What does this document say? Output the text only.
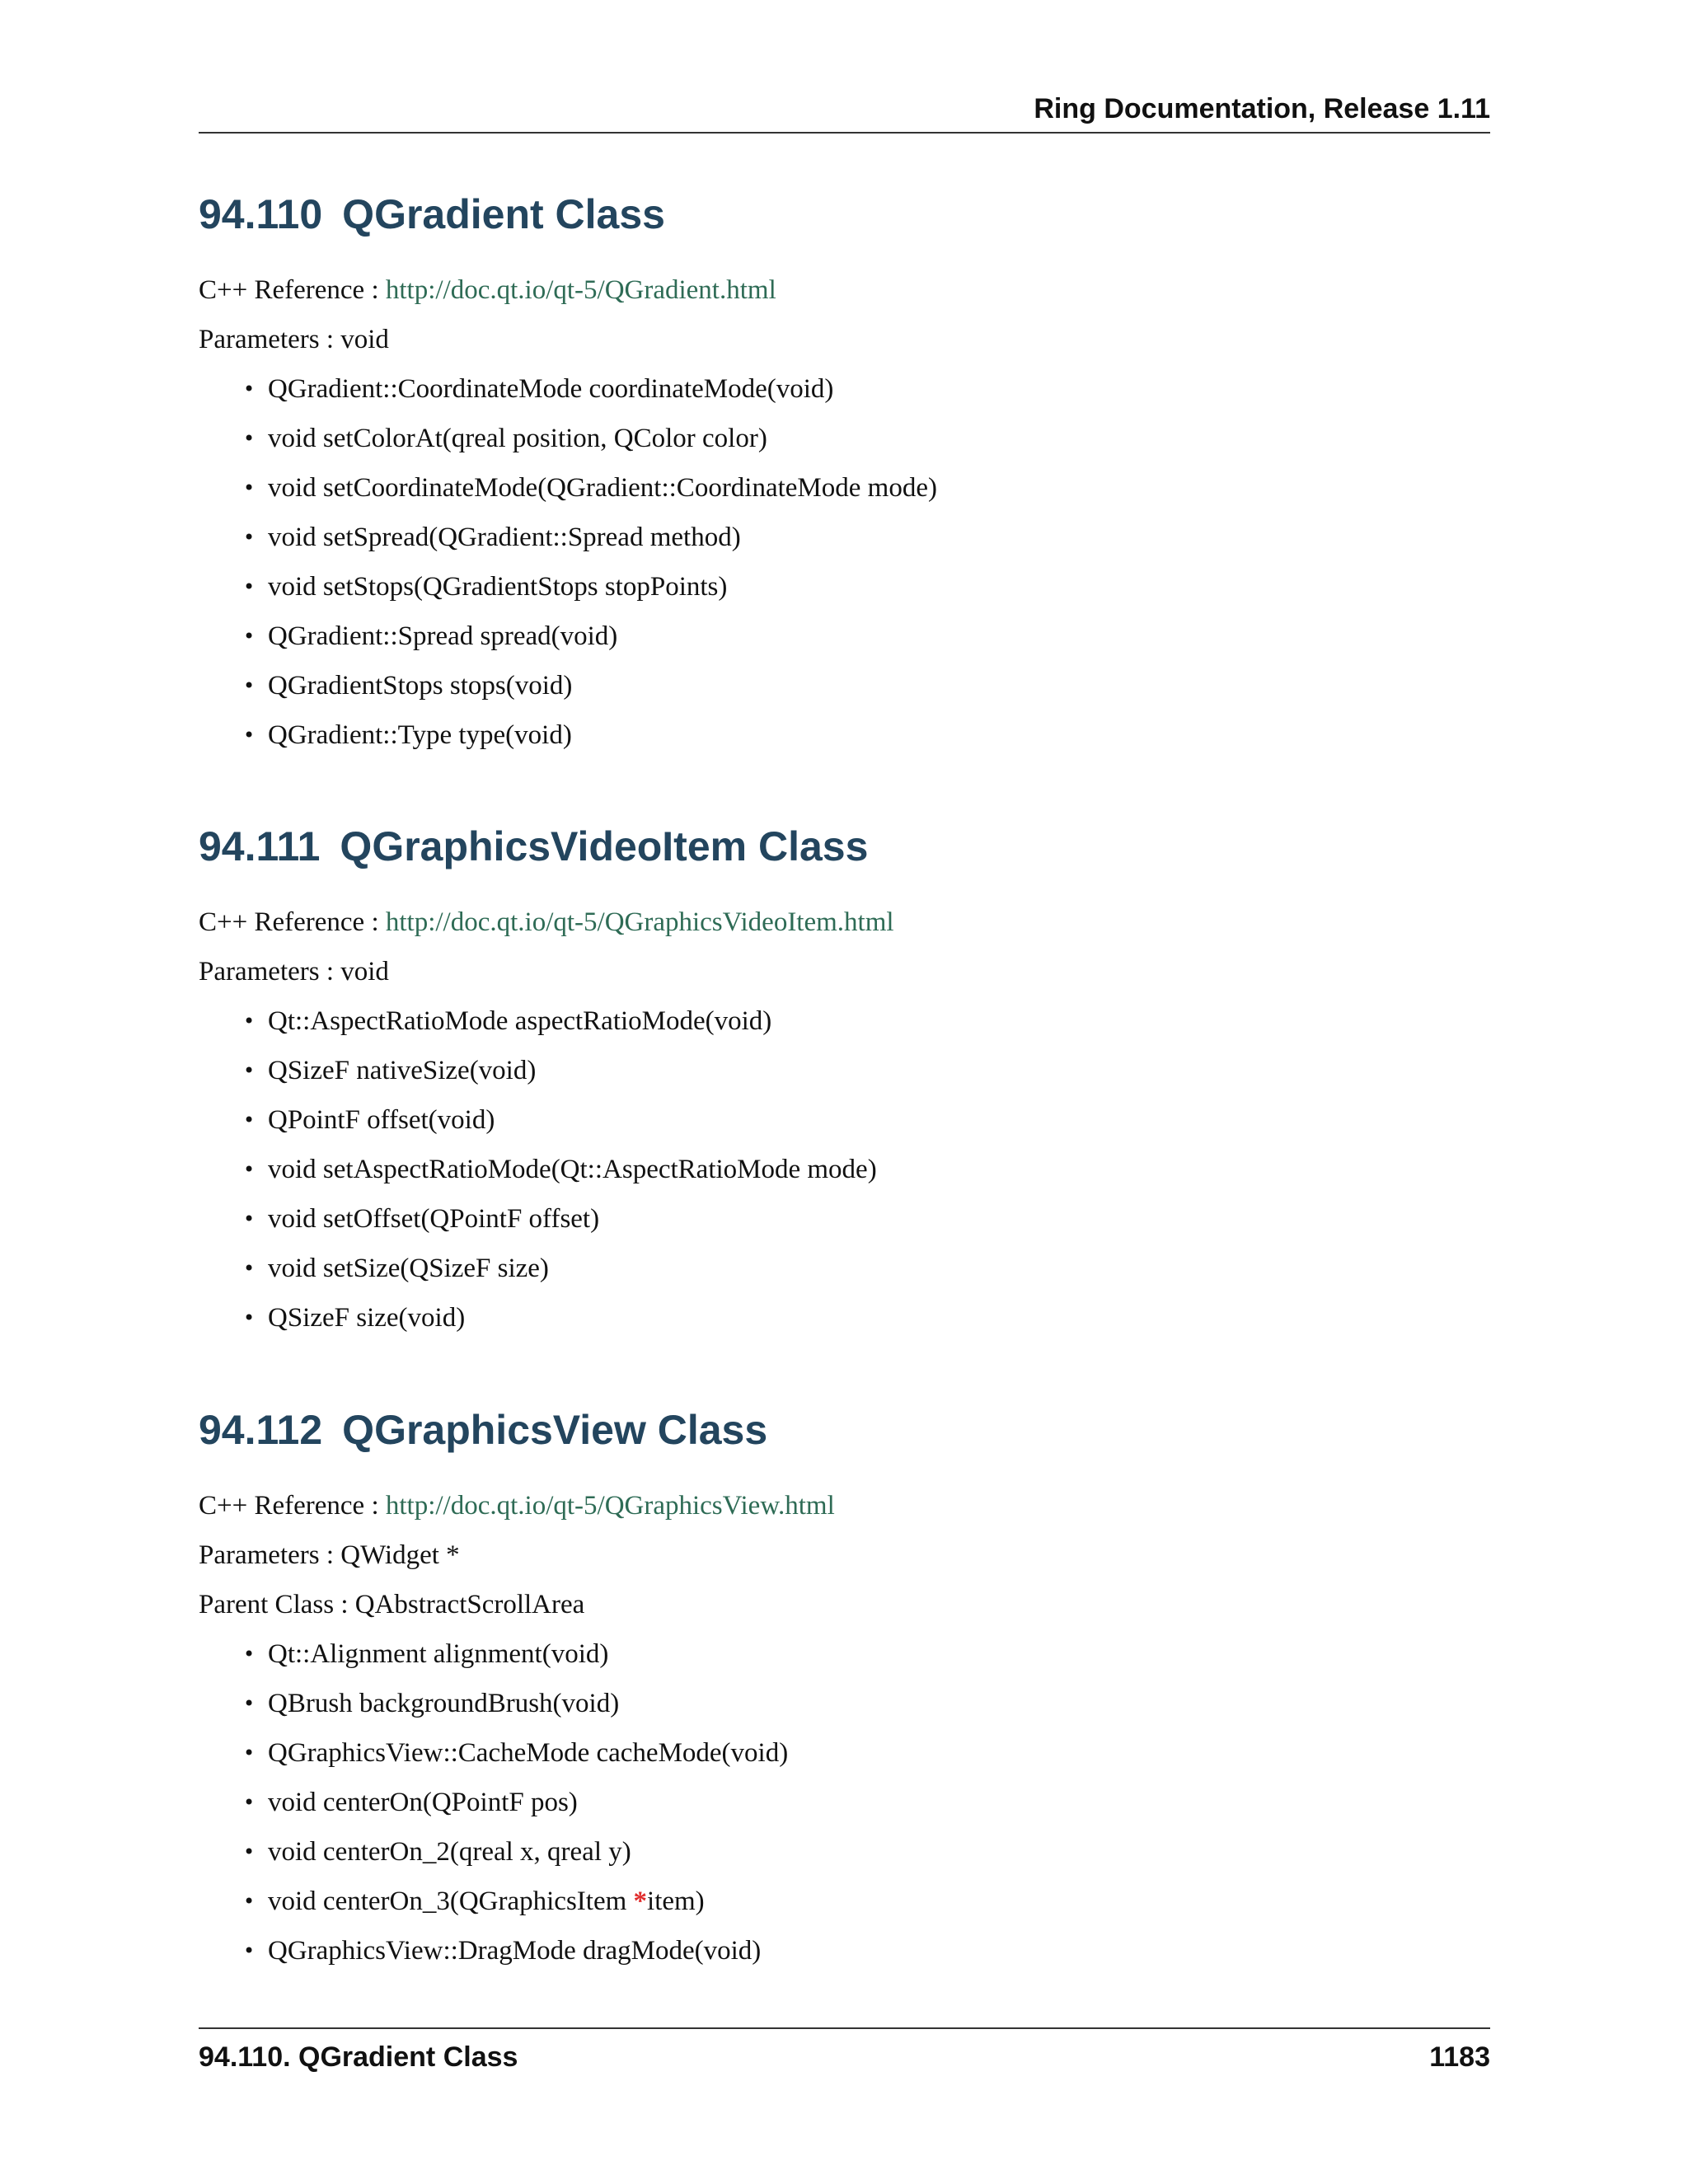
Ring Documentation, Release 1.11
94.110 QGradient Class

C++ Reference : http://doc.qt.io/qt-5/QGradient.html

Parameters : void

• QGradient::CoordinateMode coordinateMode(void)
• void setColorAt(qreal position, QColor color)
• void setCoordinateMode(QGradient::CoordinateMode mode)
• void setSpread(QGradient::Spread method)
• void setStops(QGradientStops stopPoints)
• QGradient::Spread spread(void)
• QGradientStops stops(void)
• QGradient::Type type(void)
94.111 QGraphicsVideoItem Class

C++ Reference : http://doc.qt.io/qt-5/QGraphicsVideoItem.html

Parameters : void

• Qt::AspectRatioMode aspectRatioMode(void)
• QSizeF nativeSize(void)
• QPointF offset(void)
• void setAspectRatioMode(Qt::AspectRatioMode mode)
• void setOffset(QPointF offset)
• void setSize(QSizeF size)
• QSizeF size(void)
94.112 QGraphicsView Class

C++ Reference : http://doc.qt.io/qt-5/QGraphicsView.html

Parameters : QWidget *

Parent Class : QAbstractScrollArea

• Qt::Alignment alignment(void)
• QBrush backgroundBrush(void)
• QGraphicsView::CacheMode cacheMode(void)
• void centerOn(QPointF pos)
• void centerOn_2(qreal x, qreal y)
• void centerOn_3(QGraphicsItem *item)
• QGraphicsView::DragMode dragMode(void)
94.110. QGradient Class	1183
